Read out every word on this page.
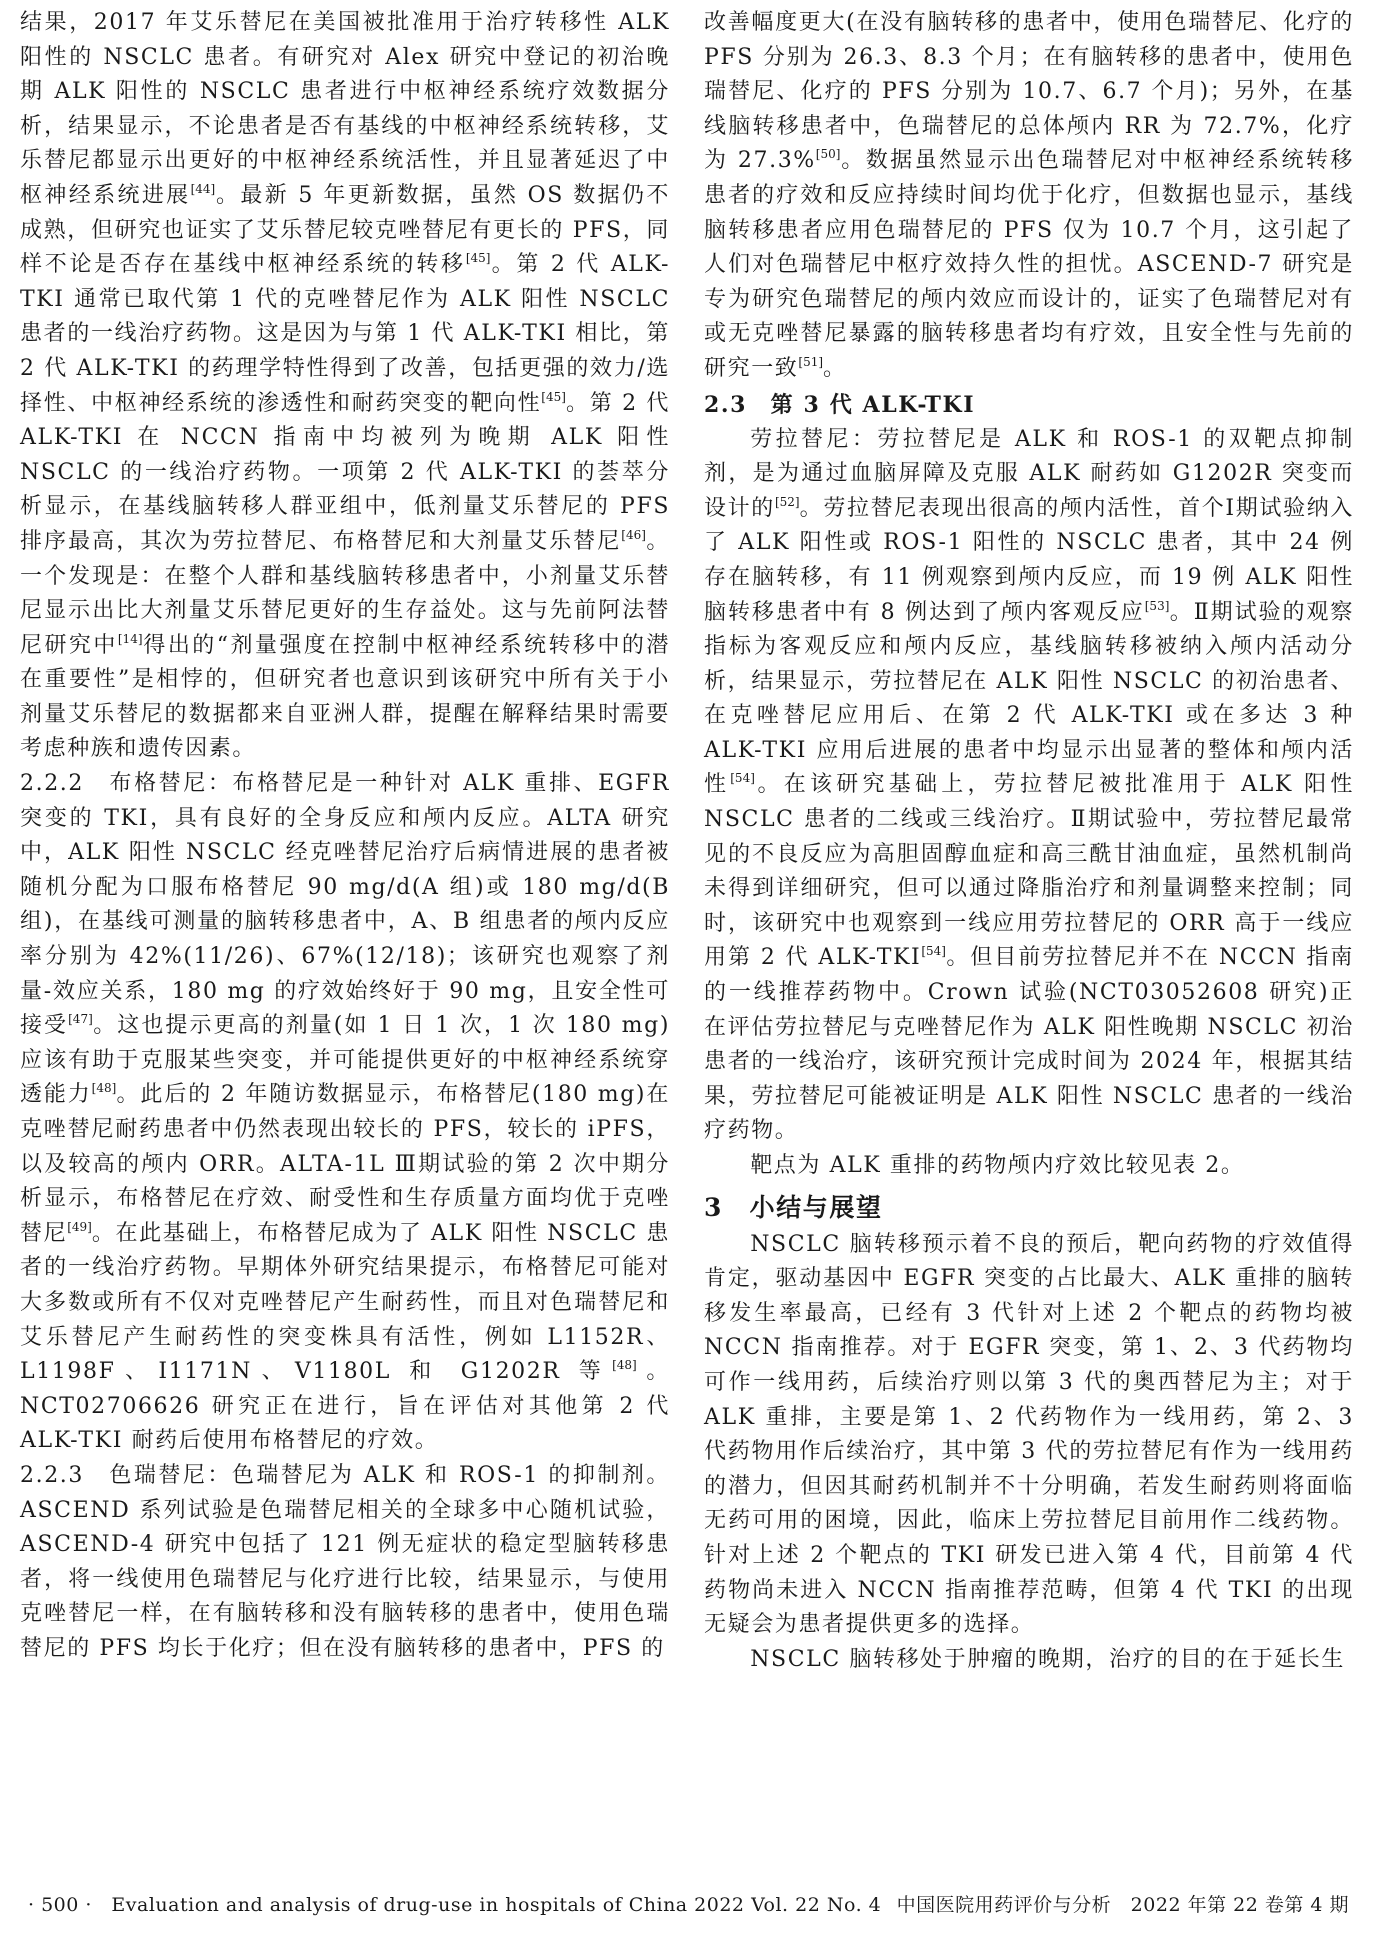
结果，2017 年艾乐替尼在美国被批准用于治疗转移性 ALK 阳性的 NSCLC 患者。有研究对 Alex 研究中登记的初治晚期 ALK 阳性的 NSCLC 患者进行中枢神经系统疗效数据分析，结果显示，不论患者是否有基线的中枢神经系统转移，艾乐替尼都显示出更好的中枢神经系统活性，并且显著延迟了中枢神经系统进展[44]。最新 5 年更新数据，虽然 OS 数据仍不成熟，但研究也证实了艾乐替尼较克唑替尼有更长的 PFS，同样不论是否存在基线中枢神经系统的转移[45]。第 2 代 ALK-TKI 通常已取代第 1 代的克唑替尼作为 ALK 阳性 NSCLC 患者的一线治疗药物。这是因为与第 1 代 ALK-TKI 相比，第 2 代 ALK-TKI 的药理学特性得到了改善，包括更强的效力/选择性、中枢神经系统的渗透性和耐药突变的靶向性[45]。第 2 代 ALK-TKI 在 NCCN 指南中均被列为晚期 ALK 阳性 NSCLC 的一线治疗药物。一项第 2 代 ALK-TKI 的荟萃分析显示，在基线脑转移人群亚组中，低剂量艾乐替尼的 PFS 排序最高，其次为劳拉替尼、布格替尼和大剂量艾乐替尼[46]。一个发现是：在整个人群和基线脑转移患者中，小剂量艾乐替尼显示出比大剂量艾乐替尼更好的生存益处。这与先前阿法替尼研究中[14]得出的“剂量强度在控制中枢神经系统转移中的潜在重要性”是相悖的，但研究者也意识到该研究中所有关于小剂量艾乐替尼的数据都来自亚洲人群，提醒在解释结果时需要考虑种族和遗传因素。

2.2.2　布格替尼：布格替尼是一种针对 ALK 重排、EGFR 突变的 TKI，具有良好的全身反应和颅内反应。ALTA 研究中，ALK 阳性 NSCLC 经克唑替尼治疗后病情进展的患者被随机分配为口服布格替尼 90 mg/d(A 组)或 180 mg/d(B 组)，在基线可测量的脑转移患者中，A、B 组患者的颅内反应率分别为 42%(11/26)、67%(12/18)；该研究也观察了剂量-效应关系，180 mg 的疗效始终好于 90 mg，且安全性可接受[47]。这也提示更高的剂量(如 1 日 1 次，1 次 180 mg)应该有助于克服某些突变，并可能提供更好的中枢神经系统穿透能力[48]。此后的 2 年随访数据显示，布格替尼(180 mg)在克唑替尼耐药患者中仍然表现出较长的 PFS，较长的 iPFS，以及较高的颅内 ORR。ALTA-1L Ⅲ期试验的第 2 次中期分析显示，布格替尼在疗效、耐受性和生存质量方面均优于克唑替尼[49]。在此基础上，布格替尼成为了 ALK 阳性 NSCLC 患者的一线治疗药物。早期体外研究结果提示，布格替尼可能对大多数或所有不仅对克唑替尼产生耐药性，而且对色瑞替尼和艾乐替尼产生耐药性的突变株具有活性，例如 L1152R、L1198F、I1171N、V1180L 和 G1202R 等[48]。NCT02706626 研究正在进行，旨在评估对其他第 2 代 ALK-TKI 耐药后使用布格替尼的疗效。

2.2.3　色瑞替尼：色瑞替尼为 ALK 和 ROS-1 的抑制剂。ASCEND 系列试验是色瑞替尼相关的全球多中心随机试验，ASCEND-4 研究中包括了 121 例无症状的稳定型脑转移患者，将一线使用色瑞替尼与化疗进行比较，结果显示，与使用克唑替尼一样，在有脑转移和没有脑转移的患者中，使用色瑞替尼的 PFS 均长于化疗；但在没有脑转移的患者中，PFS 的

改善幅度更大(在没有脑转移的患者中，使用色瑞替尼、化疗的 PFS 分别为 26.3、8.3 个月；在有脑转移的患者中，使用色瑞替尼、化疗的 PFS 分别为 10.7、6.7 个月)；另外，在基线脑转移患者中，色瑞替尼的总体颅内 RR 为 72.7%，化疗为 27.3%[50]。数据虽然显示出色瑞替尼对中枢神经系统转移患者的疗效和反应持续时间均优于化疗，但数据也显示，基线脑转移患者应用色瑞替尼的 PFS 仅为 10.7 个月，这引起了人们对色瑞替尼中枢疗效持久性的担忧。ASCEND-7 研究是专为研究色瑞替尼的颅内效应而设计的，证实了色瑞替尼对有或无克唑替尼暴露的脑转移患者均有疗效，且安全性与先前的研究一致[51]。

2.3　第 3 代 ALK-TKI

劳拉替尼：劳拉替尼是 ALK 和 ROS-1 的双靶点抑制剂，是为通过血脑屏障及克服 ALK 耐药如 G1202R 突变而设计的[52]。劳拉替尼表现出很高的颅内活性，首个Ⅰ期试验纳入了 ALK 阳性或 ROS-1 阳性的 NSCLC 患者，其中 24 例存在脑转移，有 11 例观察到颅内反应，而 19 例 ALK 阳性脑转移患者中有 8 例达到了颅内客观反应[53]。Ⅱ期试验的观察指标为客观反应和颅内反应，基线脑转移被纳入颅内活动分析，结果显示，劳拉替尼在 ALK 阳性 NSCLC 的初治患者、在克唑替尼应用后、在第 2 代 ALK-TKI 或在多达 3 种 ALK-TKI 应用后进展的患者中均显示出显著的整体和颅内活性[54]。在该研究基础上，劳拉替尼被批准用于 ALK 阳性 NSCLC 患者的二线或三线治疗。Ⅱ期试验中，劳拉替尼最常见的不良反应为高胆固醇血症和高三酰甘油血症，虽然机制尚未得到详细研究，但可以通过降脂治疗和剂量调整来控制；同时，该研究中也观察到一线应用劳拉替尼的 ORR 高于一线应用第 2 代 ALK-TKI[54]。但目前劳拉替尼并不在 NCCN 指南的一线推荐药物中。Crown 试验(NCT03052608 研究)正在评估劳拉替尼与克唑替尼作为 ALK 阳性晚期 NSCLC 初治患者的一线治疗，该研究预计完成时间为 2024 年，根据其结果，劳拉替尼可能被证明是 ALK 阳性 NSCLC 患者的一线治疗药物。

靶点为 ALK 重排的药物颅内疗效比较见表 2。

3　小结与展望

NSCLC 脑转移预示着不良的预后，靶向药物的疗效值得肯定，驱动基因中 EGFR 突变的占比最大、ALK 重排的脑转移发生率最高，已经有 3 代针对上述 2 个靶点的药物均被 NCCN 指南推荐。对于 EGFR 突变，第 1、2、3 代药物均可作一线用药，后续治疗则以第 3 代的奥西替尼为主；对于 ALK 重排，主要是第 1、2 代药物作为一线用药，第 2、3 代药物用作后续治疗，其中第 3 代的劳拉替尼有作为一线用药的潜力，但因其耐药机制并不十分明确，若发生耐药则将面临无药可用的困境，因此，临床上劳拉替尼目前用作二线药物。针对上述 2 个靶点的 TKI 研发已进入第 4 代，目前第 4 代药物尚未进入 NCCN 指南推荐范畴，但第 4 代 TKI 的出现无疑会为患者提供更多的选择。

NSCLC 脑转移处于肿瘤的晚期，治疗的目的在于延长生

· 500 ·　Evaluation and analysis of drug-use in hospitals of China 2022 Vol. 22 No. 4 中国医院用药评价与分析　2022 年第 22 卷第 4 期
